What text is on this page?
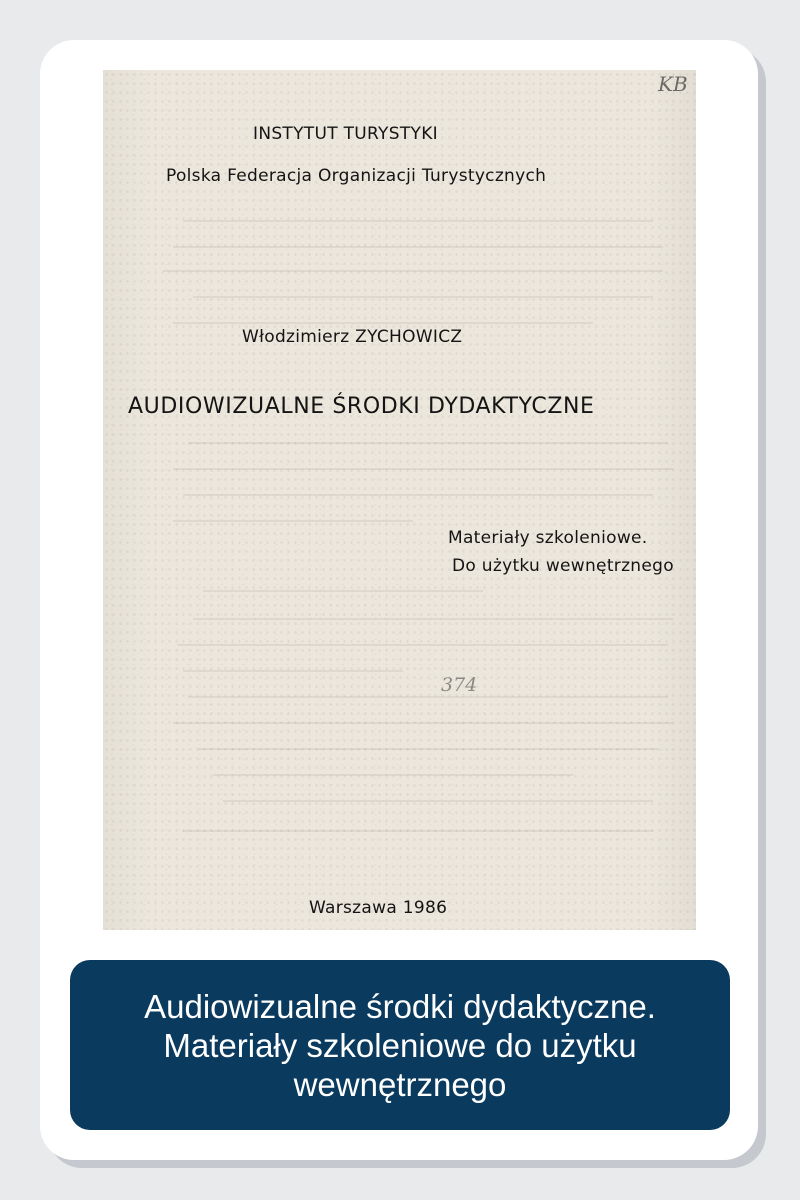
KB
INSTYTUT TURYSTYKI
Polska Federacja Organizacji Turystycznych
Włodzimierz ZYCHOWICZ
AUDIOWIZUALNE ŚRODKI DYDAKTYCZNE
Materiały szkoleniowe.
Do użytku wewnętrznego
374
Warszawa 1986
Audiowizualne środki dydaktyczne. Materiały szkoleniowe do użytku wewnętrznego
